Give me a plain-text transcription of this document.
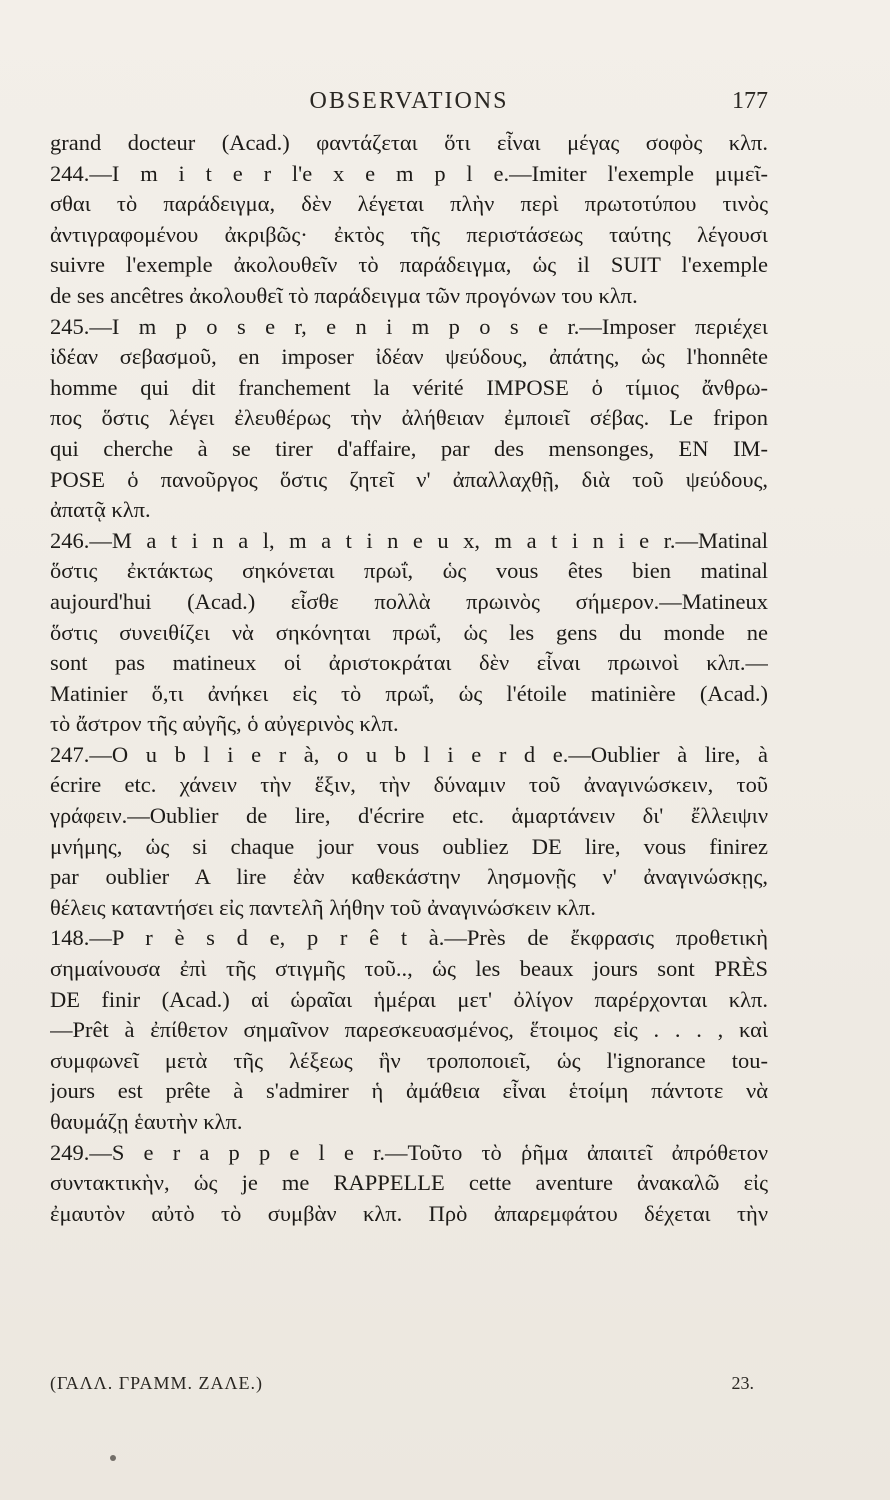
OBSERVATIONS	177
grand docteur (Acad.) φαντάζεται ὅτι εἶναι μέγας σοφὸς κλπ.
244.—I m i t e r l'e x e m p l e.—Imiter l'exemple μιμεῖ-
σθαι τὸ παράδειγμα, δὲν λέγεται πλὴν περὶ πρωτοτύπου τινὸς
ἀντιγραφομένου ἀκριβῶς· ἐκτὸς τῆς περιστάσεως ταύτης λέγουσι
suivre l'exemple ἀκολουθεῖν τὸ παράδειγμα, ὡς il SUIT l'exemple
de ses ancêtres ἀκολουθεῖ τὸ παράδειγμα τῶν προγόνων του κλπ.
245.—I m p o s e r, e n i m p o s e r.—Imposer περιέχει
ἰδέαν σεβασμοῦ, en imposer ἰδέαν ψεύδους, ἀπάτης, ὡς l'honnête
homme qui dit franchement la vérité IMPOSE ὁ τίμιος ἄνθρω-
πος ὅστις λέγει ἐλευθέρως τὴν ἀλήθειαν ἐμποιεῖ σέβας. Le fripon
qui cherche à se tirer d'affaire, par des mensonges, EN IM-
POSE ὁ πανοῦργος ὅστις ζητεῖ ν' ἀπαλλαχθῇ, διὰ τοῦ ψεύδους,
ἀπατᾷ κλπ.
246.—M a t i n a l, m a t i n e u x, m a t i n i e r.—Matinal
ὅστις ἐκτάκτως σηκόνεται πρωΐ, ὡς vous êtes bien matinal
aujourd'hui (Acad.) εἶσθε πολλὰ πρωινὸς σήμερον.—Matineux
ὅστις συνειθίζει νὰ σηκόνηται πρωΐ, ὡς les gens du monde ne
sont pas matineux οἱ ἀριστοκράται δὲν εἶναι πρωινοὶ κλπ.—
Matinier ὅ,τι ἀνήκει εἰς τὸ πρωΐ, ὡς l'étoile matinière (Acad.)
τὸ ἄστρον τῆς αὐγῆς, ὁ αὐγερινὸς κλπ.
247.—O u b l i e r à, o u b l i e r d e.—Oublier à lire, à
écrire etc. χάνειν τὴν ἕξιν, τὴν δύναμιν τοῦ ἀναγινώσκειν, τοῦ
γράφειν.—Oublier de lire, d'écrire etc. ἁμαρτάνειν δι' ἔλλειψιν
μνήμης, ὡς si chaque jour vous oubliez DE lire, vous finirez
par oublier A lire ἐὰν καθεκάστην λησμονῇς ν' ἀναγινώσκῃς,
θέλεις καταντήσει εἰς παντελῆ λήθην τοῦ ἀναγινώσκειν κλπ.
148.—P r è s d e, p r ê t à.—Près de ἔκφρασις προθετικὴ
σημαίνουσα ἐπὶ τῆς στιγμῆς τοῦ.., ὡς les beaux jours sont PRÈS
DE finir (Acad.) αἱ ὡραῖαι ἡμέραι μετ' ὀλίγον παρέρχονται κλπ.
—Prêt à ἐπίθετον σημαῖνον παρεσκευασμένος, ἕτοιμος εἰς . . . , καὶ
συμφωνεῖ μετὰ τῆς λέξεως ἣν τροποποιεῖ, ὡς l'ignorance tou-
jours est prête à s'admirer ἡ ἀμάθεια εἶναι ἑτοίμη πάντοτε νὰ
θαυμάζῃ ἑαυτὴν κλπ.
249.—S e r a p p e l e r.—Τοῦτο τὸ ῥῆμα ἀπαιτεῖ ἀπρόθετον
συντακτικὴν, ὡς je me RAPPELLE cette aventure ἀνακαλῶ εἰς
ἐμαυτὸν αὐτὸ τὸ συμβὰν κλπ. Πρὸ ἀπαρεμφάτου δέχεται τὴν
(ΓΑΛΛ. ΓΡΑΜΜ. ΖΑΛΕ.)	23.
